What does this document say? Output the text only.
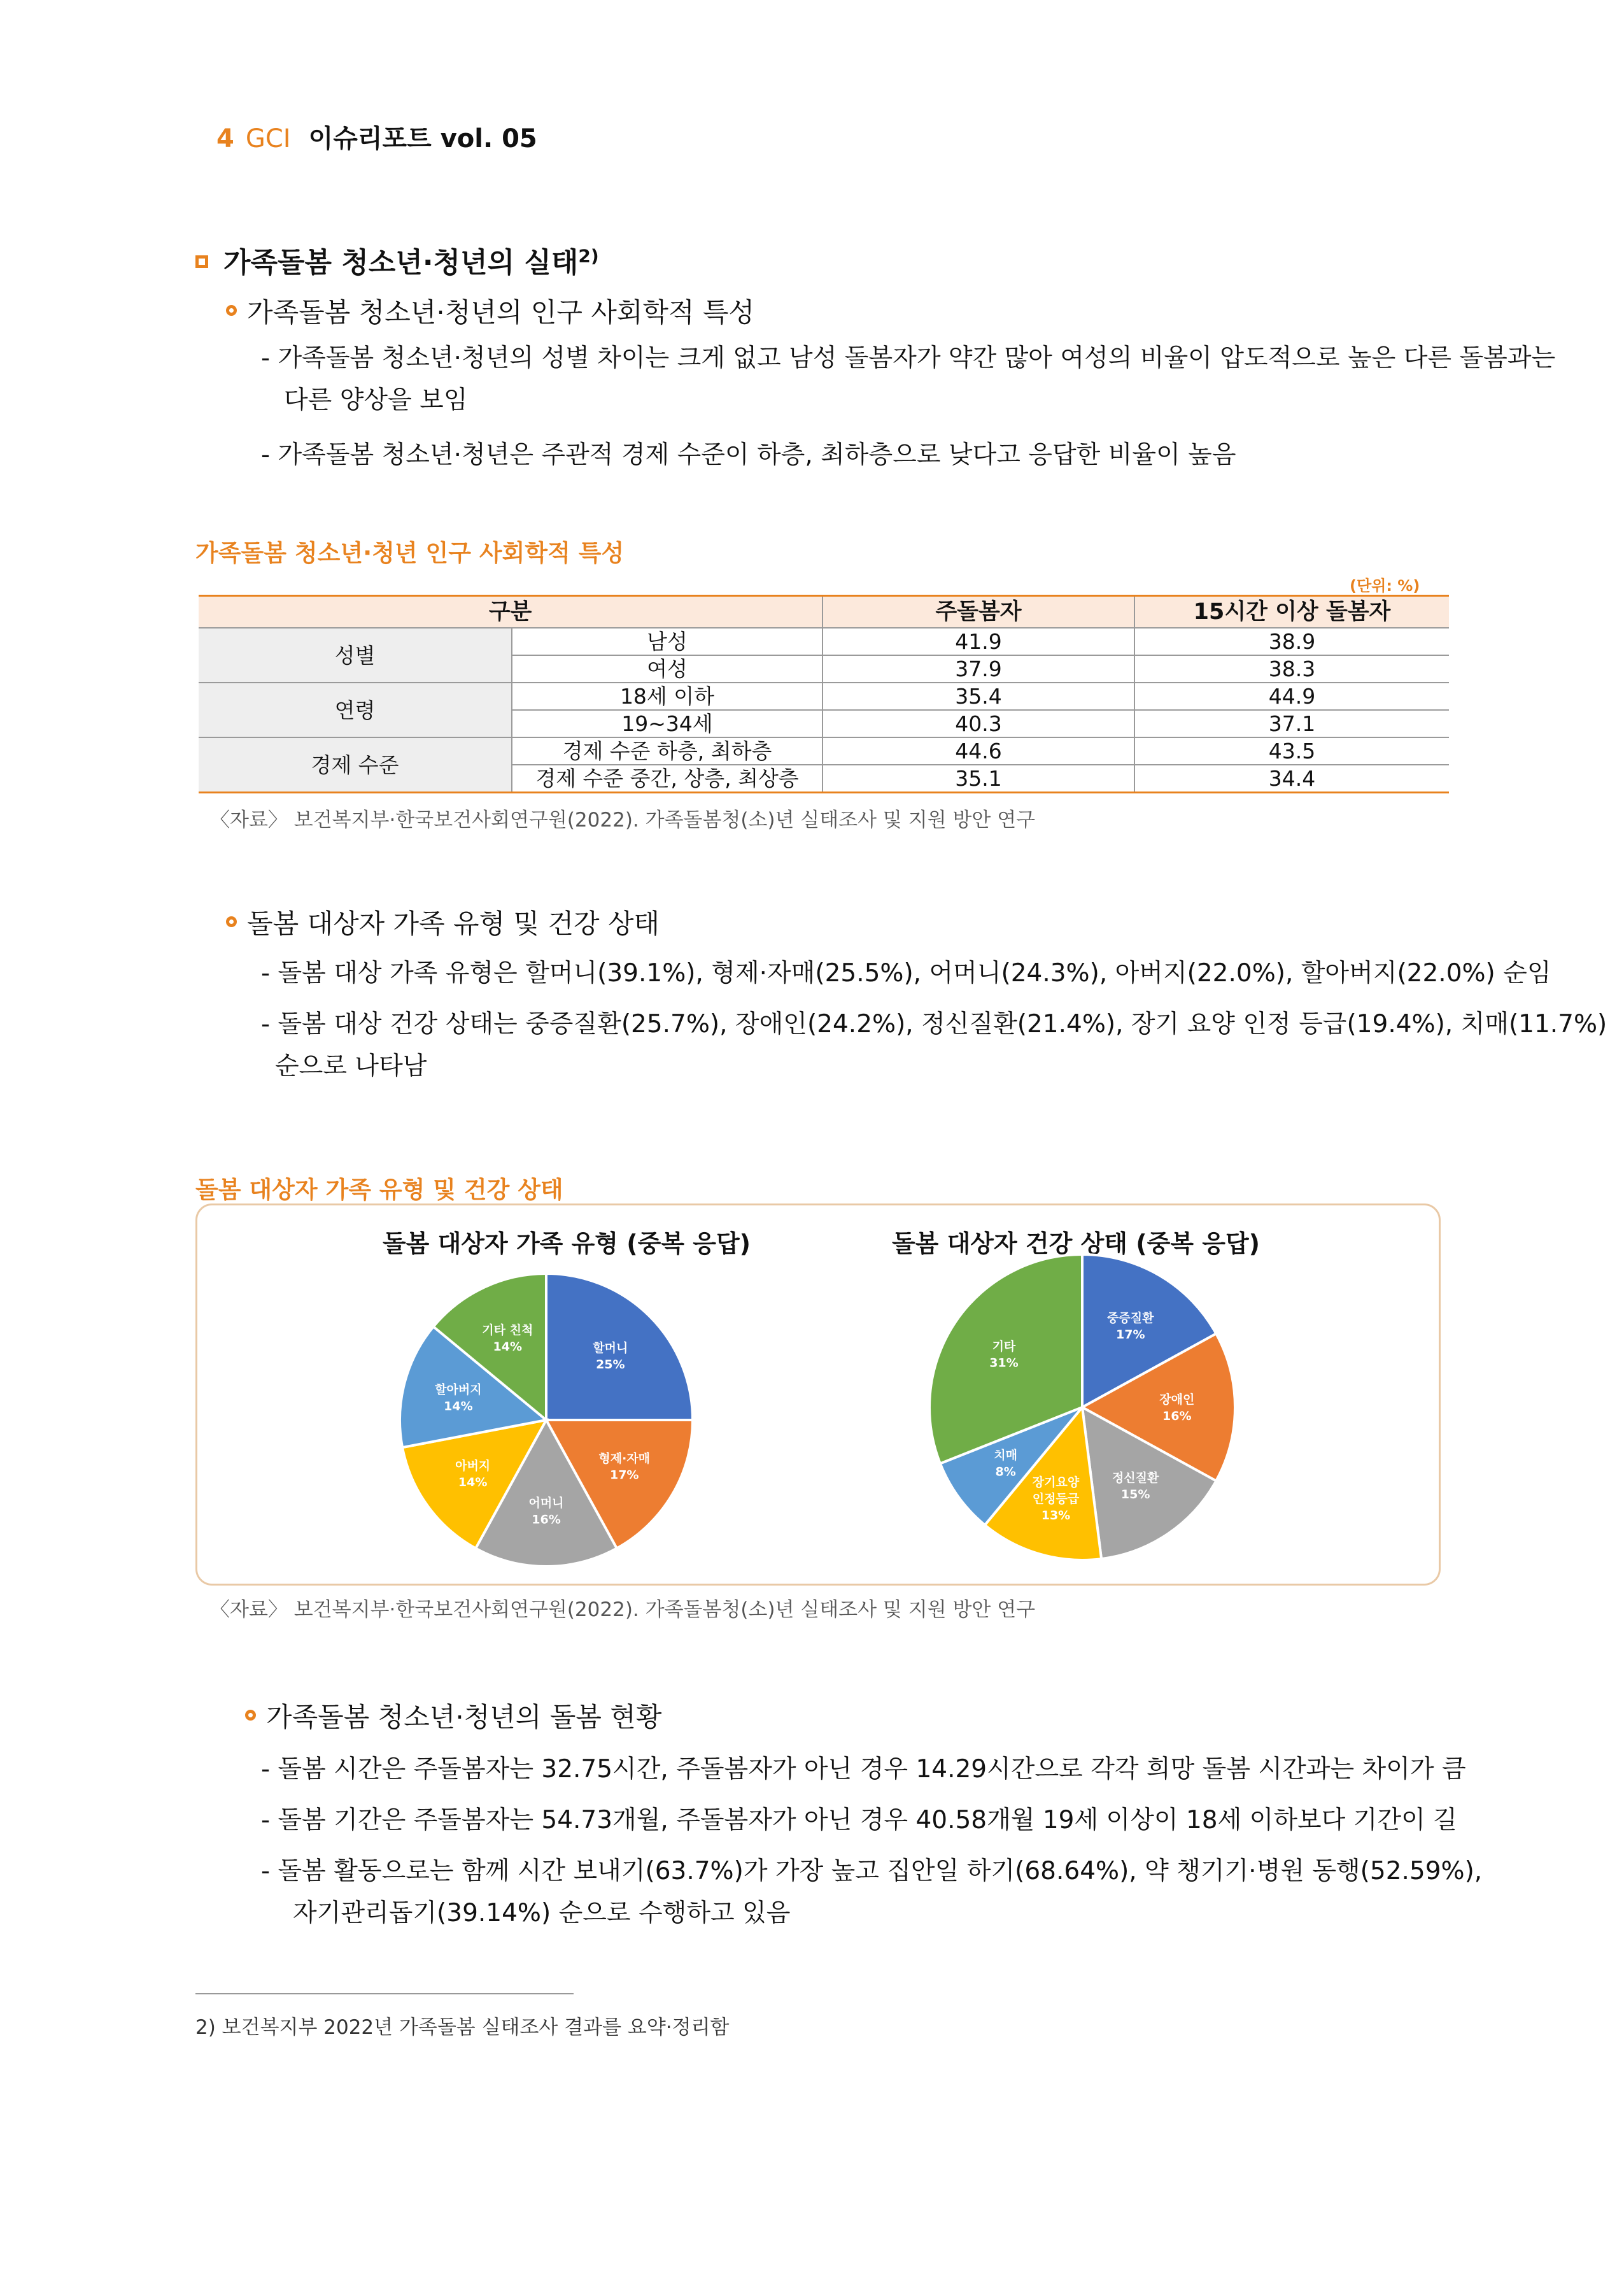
4 GCI 이슈리포트 vol. 05
가족돌봄 청소년·청년의 실태$^{2)}$
가족돌봄 청소년·청년의 인구 사회학적 특성
- 가족돌봄 청소년·청년의 성별 차이는 크게 없고 남성 돌봄자가 약간 많아 여성의 비율이 압도적으로 높은 다른 돌봄과는
다른 양상을 보임
- 가족돌봄 청소년·청년은 주관적 경제 수준이 하층, 최하층으로 낮다고 응답한 비율이 높음
가족돌봄 청소년·청년 인구 사회학적 특성
(단위: %)
구분		주돌봄자	15시간 이상 돌봄자
성별	남성	41.9	38.9
	여성	37.9	38.3
연령	18세 이하	35.4	44.9
	19~34세	40.3	37.1
경제 수준	경제 수준 하층, 최하층	44.6	43.5
	경제 수준 중간, 상층, 최상층	35.1	34.4
〈자료〉 보건복지부·한국보건사회연구원(2022). 가족돌봄청(소)년 실태조사 및 지원 방안 연구
돌봄 대상자 가족 유형 및 건강 상태
- 돌봄 대상 가족 유형은 할머니(39.1%), 형제·자매(25.5%), 어머니(24.3%), 아버지(22.0%), 할아버지(22.0%) 순임
- 돌봄 대상 건강 상태는 중증질환(25.7%), 장애인(24.2%), 정신질환(21.4%), 장기 요양 인정 등급(19.4%), 치매(11.7%)
순으로 나타남
돌봄 대상자 가족 유형 및 건강 상태
돌봄 대상자 가족 유형 (중복 응답)	돌봄 대상자 건강 상태 (중복 응답)
할머니 25%
형제·자매 17%
어머니 16%
아버지 14%
할아버지 14%
기타 친척 14%
중증질환 17%
장애인 16%
정신질환 15%
장기요양 인정등급 13%
치매 8%
기타 31%
〈자료〉 보건복지부·한국보건사회연구원(2022). 가족돌봄청(소)년 실태조사 및 지원 방안 연구
가족돌봄 청소년·청년의 돌봄 현황
- 돌봄 시간은 주돌봄자는 32.75시간, 주돌봄자가 아닌 경우 14.29시간으로 각각 희망 돌봄 시간과는 차이가 큼
- 돌봄 기간은 주돌봄자는 54.73개월, 주돌봄자가 아닌 경우 40.58개월 19세 이상이 18세 이하보다 기간이 길
- 돌봄 활동으로는 함께 시간 보내기(63.7%)가 가장 높고 집안일 하기(68.64%), 약 챙기기·병원 동행(52.59%),
자기관리돕기(39.14%) 순으로 수행하고 있음
2) 보건복지부 2022년 가족돌봄 실태조사 결과를 요약·정리함
